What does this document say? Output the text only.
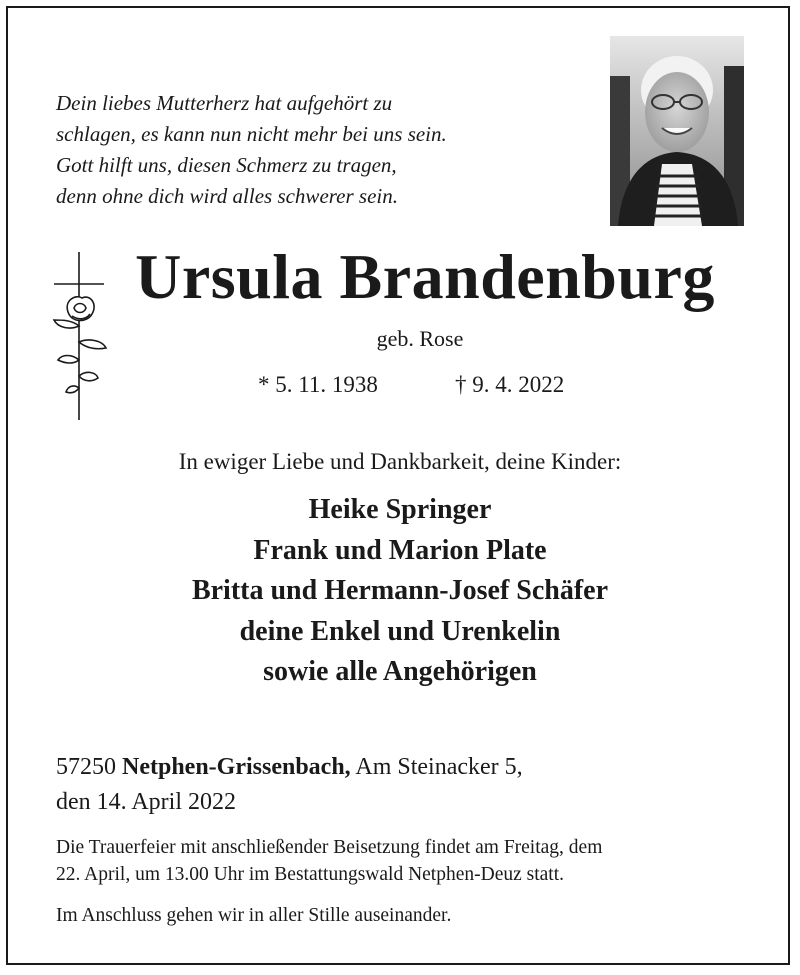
Dein liebes Mutterherz hat aufgehört zu
schlagen, es kann nun nicht mehr bei uns sein.
Gott hilft uns, diesen Schmerz zu tragen,
denn ohne dich wird alles schwerer sein.
Ursula Brandenburg
geb. Rose
* 5. 11. 1938	† 9. 4. 2022
In ewiger Liebe und Dankbarkeit, deine Kinder:
Heike Springer
Frank und Marion Plate
Britta und Hermann-Josef Schäfer
deine Enkel und Urenkelin
sowie alle Angehörigen
57250 Netphen-Grissenbach, Am Steinacker 5,
den 14. April 2022
Die Trauerfeier mit anschließender Beisetzung findet am Freitag, dem
22. April, um 13.00 Uhr im Bestattungswald Netphen-Deuz statt.
Im Anschluss gehen wir in aller Stille auseinander.
